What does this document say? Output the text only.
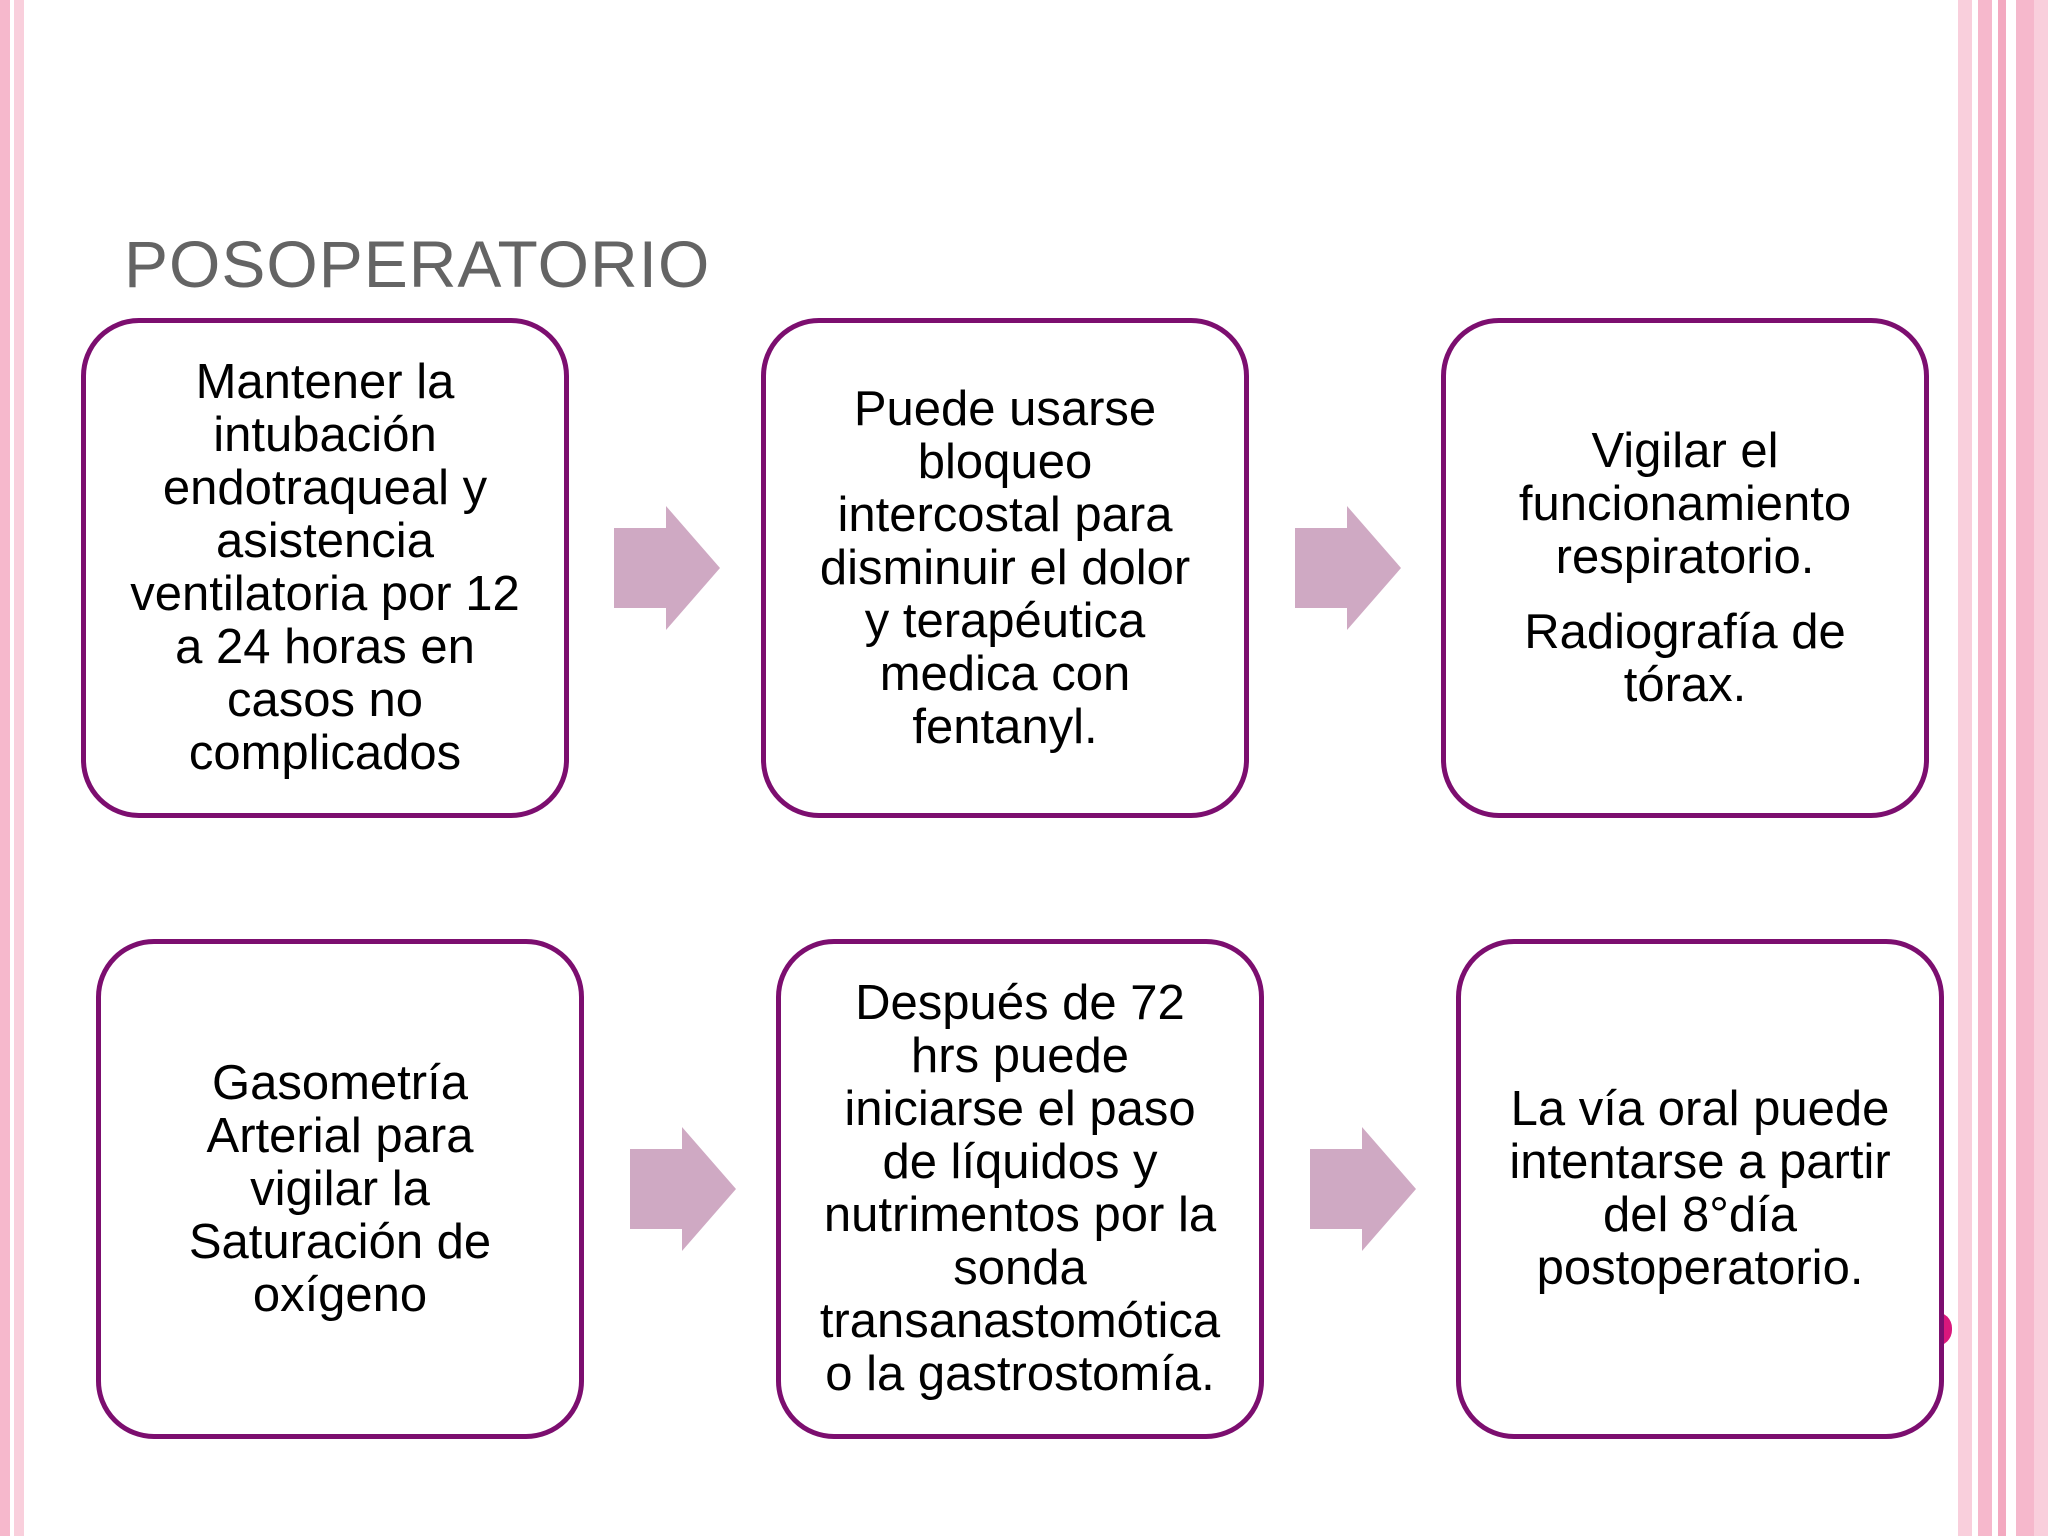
POSOPERATORIO
Mantener la
intubación
endotraqueal y
asistencia
ventilatoria por 12
a 24 horas en
casos no
complicados
Puede usarse
bloqueo
intercostal para
disminuir el dolor
y terapéutica
medica con
fentanyl.
Vigilar el
funcionamiento
respiratorio.
Radiografía de
tórax.
Gasometría
Arterial para
vigilar la
Saturación de
oxígeno
Después de 72
hrs puede
iniciarse el paso
de líquidos y
nutrimentos por la
sonda
transanastomótica
o la gastrostomía.
La vía oral puede
intentarse a partir
del 8°día
postoperatorio.
